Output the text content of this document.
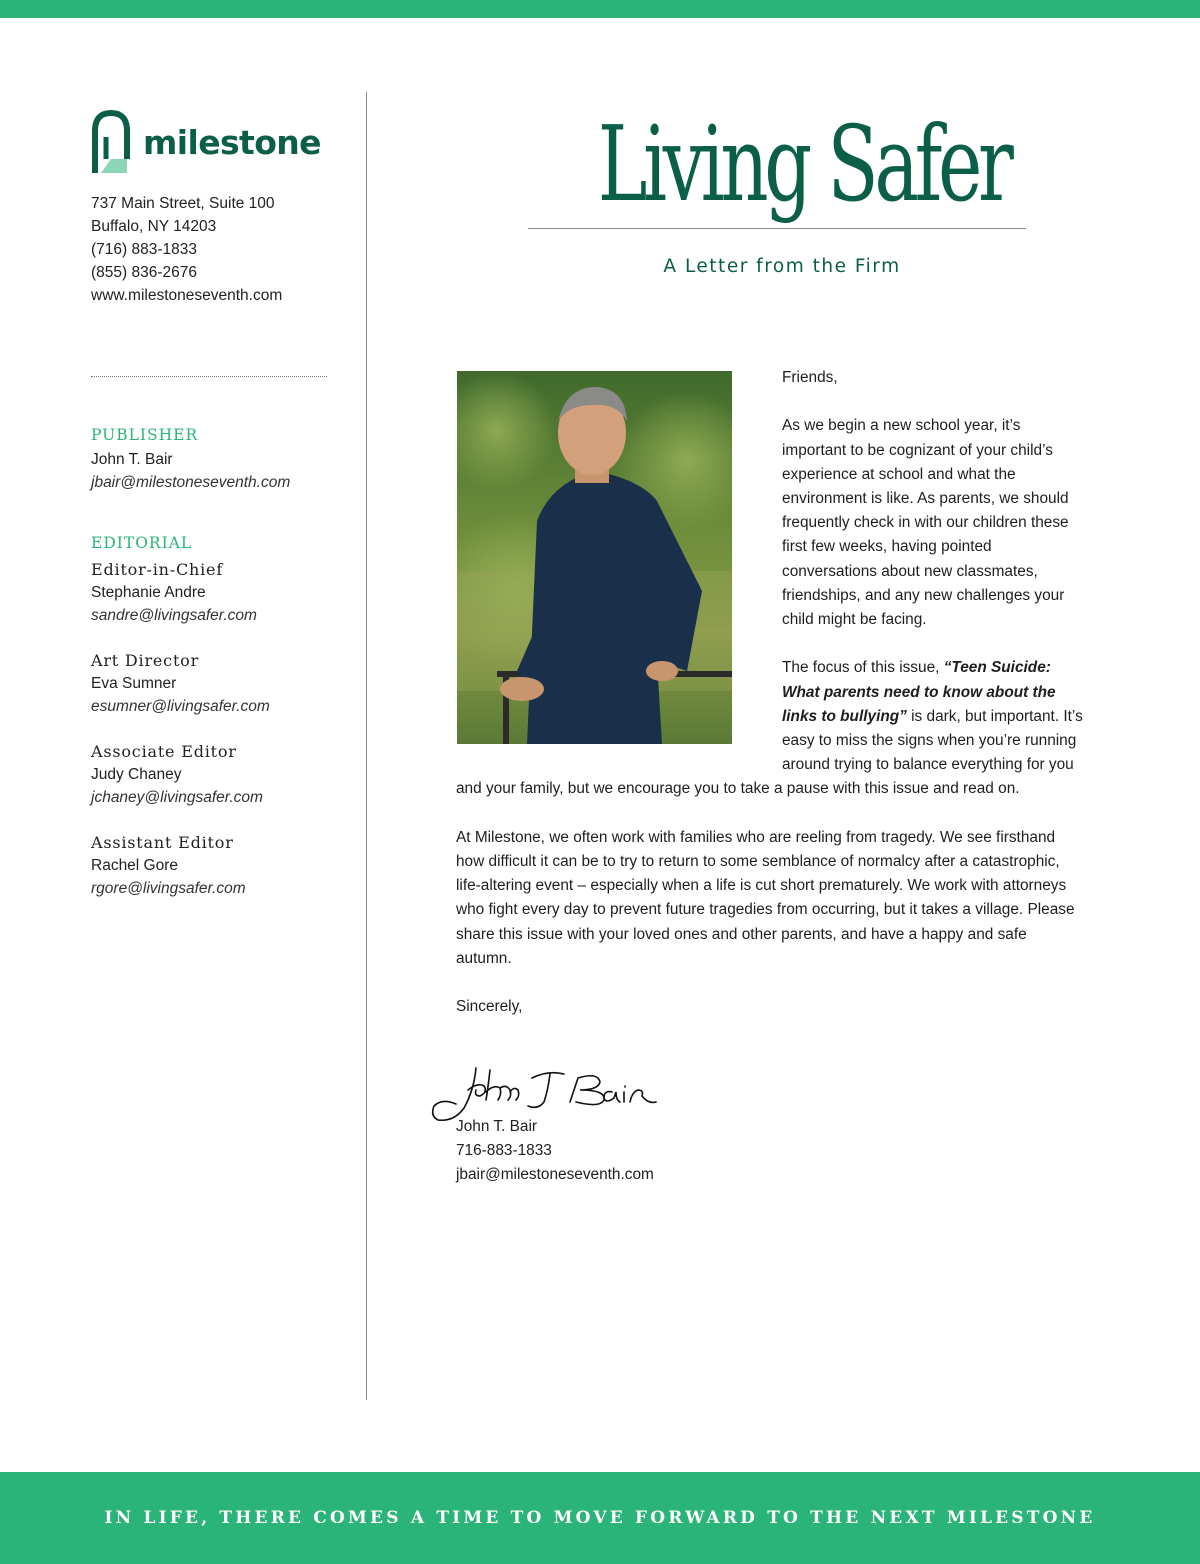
milestone
737 Main Street, Suite 100
Buffalo, NY 14203
(716) 883-1833
(855) 836-2676
www.milestoneseventh.com
PUBLISHER
John T. Bair
jbair@milestoneseventh.com
EDITORIAL
Editor-in-Chief
Stephanie Andre
sandre@livingsafer.com
Art Director
Eva Sumner
esumner@livingsafer.com
Associate Editor
Judy Chaney
jchaney@livingsafer.com
Assistant Editor
Rachel Gore
rgore@livingsafer.com
Living Safer
A Letter from the Firm

Friends,

As we begin a new school year, it’s important to be cognizant of your child’s experience at school and what the environment is like. As parents, we should frequently check in with our children these first few weeks, having pointed conversations about new classmates, friendships, and any new challenges your child might be facing.

The focus of this issue, “Teen Suicide: What parents need to know about the links to bullying” is dark, but important. It’s easy to miss the signs when you’re running around trying to balance everything for you and your family, but we encourage you to take a pause with this issue and read on.

At Milestone, we often work with families who are reeling from tragedy. We see firsthand how difficult it can be to try to return to some semblance of normalcy after a catastrophic, life-altering event – especially when a life is cut short prematurely. We work with attorneys who fight every day to prevent future tragedies from occurring, but it takes a village. Please share this issue with your loved ones and other parents, and have a happy and safe autumn.

Sincerely,

John T. Bair
716-883-1833
jbair@milestoneseventh.com
IN LIFE, THERE COMES A TIME TO MOVE FORWARD TO THE NEXT MILESTONE
